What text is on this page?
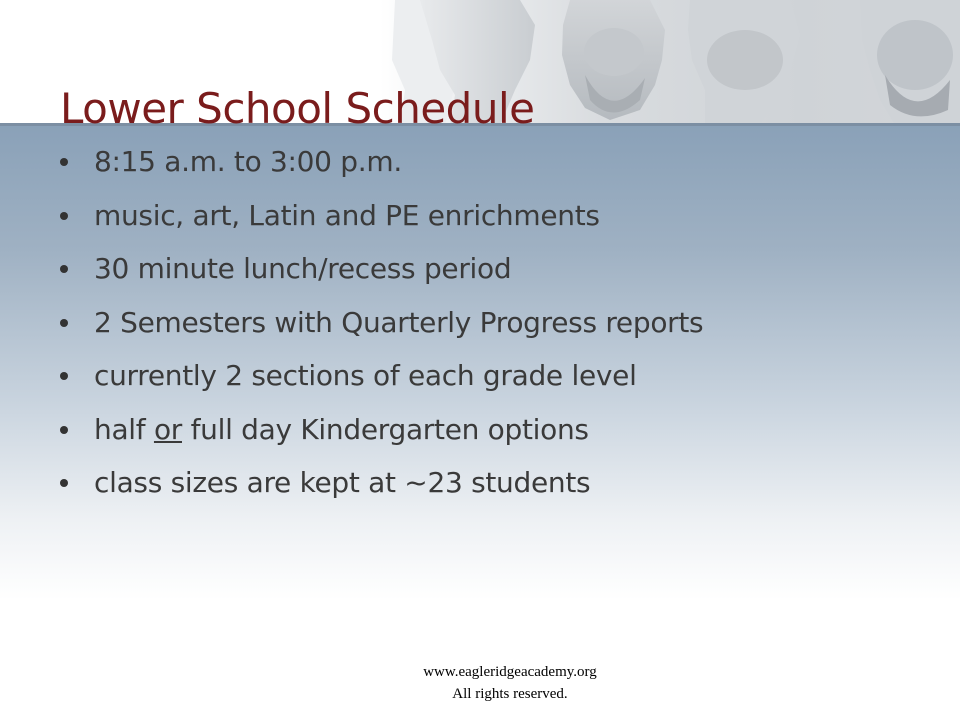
Lower School Schedule
8:15 a.m. to 3:00 p.m.
music, art, Latin and PE enrichments
30 minute lunch/recess period
2 Semesters with Quarterly Progress reports
currently 2 sections of each grade level
half or full day Kindergarten options
class sizes are kept at ~23 students
www.eagleridgeacademy.org
All rights reserved.
